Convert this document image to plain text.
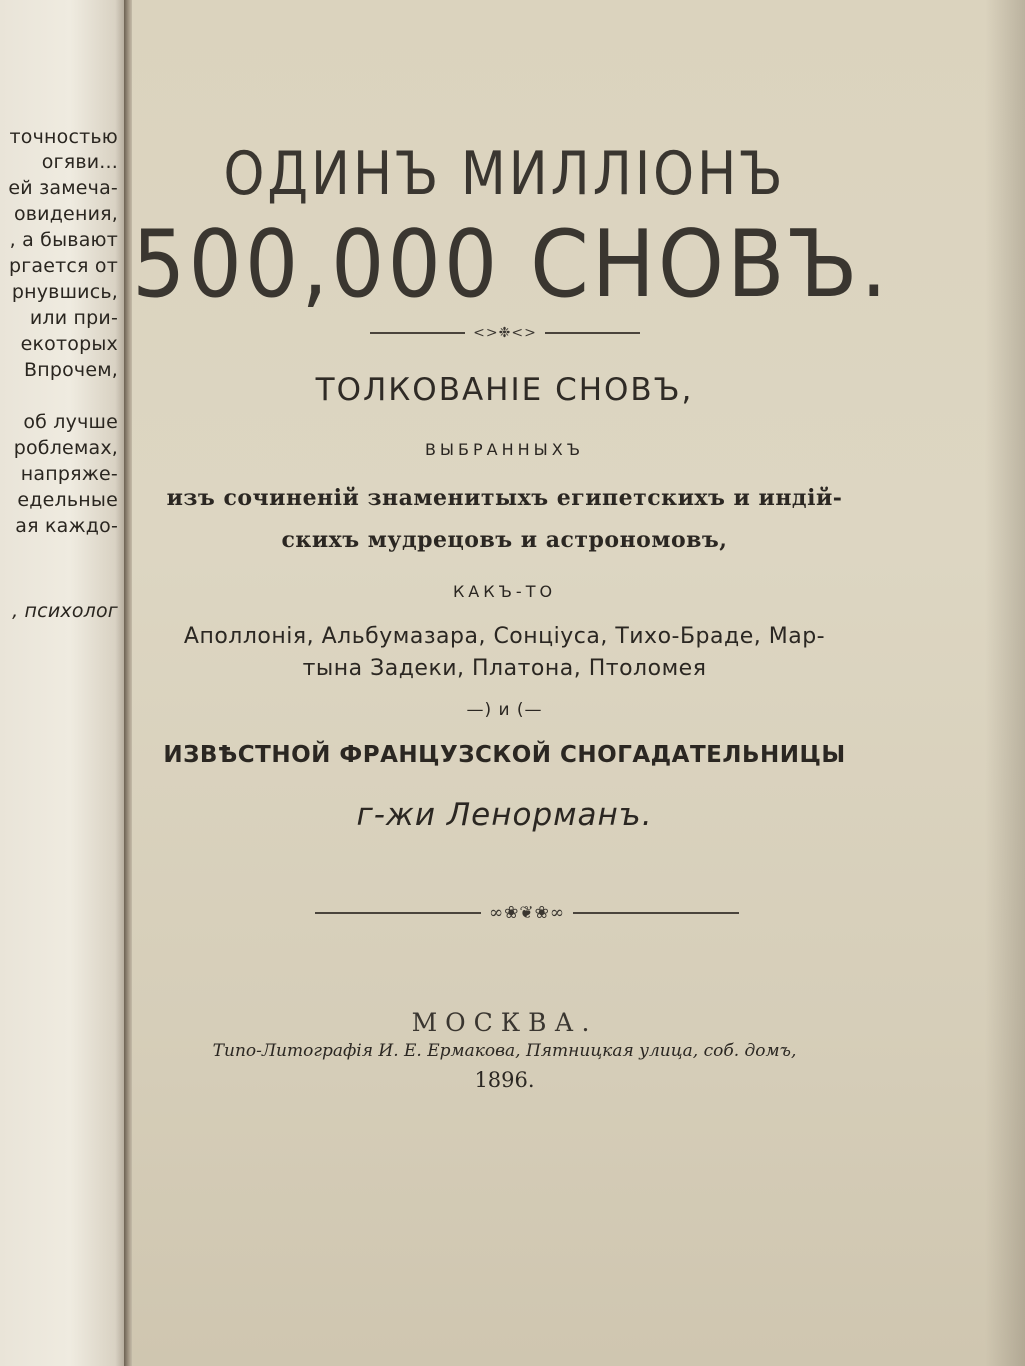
точностью
огяви...
ей замеча-
овидения,
, а бывают
ргается от
рнувшись,
или при-
екоторых
Впрочем,
об лучше
роблемах,
напряже-
едельные
ая каждо-
, психолог
ОДИНЪ МИЛЛІОНЪ
500,000 СНОВЪ.
<>❉<>
ТОЛКОВАНІЕ СНОВЪ,
ВЫБРАННЫХЪ
изъ сочиненій знаменитыхъ египетскихъ и индій-
скихъ мудрецовъ и астрономовъ,
КАКЪ-ТО
Аполлонія, Альбумазара, Сонціуса, Тихо-Браде, Мар-
тына Задеки, Платона, Птоломея
—) и (—
ИЗВѢСТНОЙ ФРАНЦУЗСКОЙ СНОГАДАТЕЛЬНИЦЫ
г-жи Ленорманъ.
∞❀❦❀∞
МОСКВА.
Типо-Литографія И. Е. Ермакова, Пятницкая улица, соб. домъ,
1896.
